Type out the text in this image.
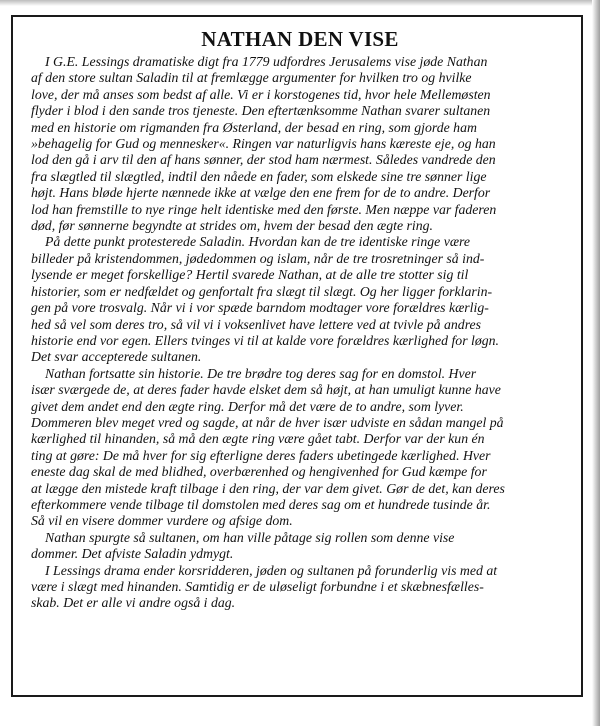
NATHAN DEN VISE

I G.E. Lessings dramatiske digt fra 1779 udfordres Jerusalems vise jøde Nathan
af den store sultan Saladin til at fremlægge argumenter for hvilken tro og hvilke
love, der må anses som bedst af alle. Vi er i korstogenes tid, hvor hele Mellemøsten
flyder i blod i den sande tros tjeneste. Den eftertænksomme Nathan svarer sultanen
med en historie om rigmanden fra Østerland, der besad en ring, som gjorde ham
»behagelig for Gud og mennesker«. Ringen var naturligvis hans kæreste eje, og han
lod den gå i arv til den af hans sønner, der stod ham nærmest. Således vandrede den
fra slægtled til slægtled, indtil den nåede en fader, som elskede sine tre sønner lige
højt. Hans bløde hjerte nænnede ikke at vælge den ene frem for de to andre. Derfor
lod han fremstille to nye ringe helt identiske med den første. Men næppe var faderen
død, før sønnerne begyndte at strides om, hvem der besad den ægte ring.

På dette punkt protesterede Saladin. Hvordan kan de tre identiske ringe være
billeder på kristendommen, jødedommen og islam, når de tre trosretninger så ind-
lysende er meget forskellige? Hertil svarede Nathan, at de alle tre stotter sig til
historier, som er nedfældet og genfortalt fra slægt til slægt. Og her ligger forklarin-
gen på vore trosvalg. Når vi i vor spæde barndom modtager vore forældres kærlig-
hed så vel som deres tro, så vil vi i voksenlivet have lettere ved at tvivle på andres
historie end vor egen. Ellers tvinges vi til at kalde vore forældres kærlighed for løgn.
Det svar accepterede sultanen.

Nathan fortsatte sin historie. De tre brødre tog deres sag for en domstol. Hver
især sværgede de, at deres fader havde elsket dem så højt, at han umuligt kunne have
givet dem andet end den ægte ring. Derfor må det være de to andre, som lyver.
Dommeren blev meget vred og sagde, at når de hver især udviste en sådan mangel på
kærlighed til hinanden, så må den ægte ring være gået tabt. Derfor var der kun én
ting at gøre: De må hver for sig efterligne deres faders ubetingede kærlighed. Hver
eneste dag skal de med blidhed, overbærenhed og hengivenhed for Gud kæmpe for
at lægge den mistede kraft tilbage i den ring, der var dem givet. Gør de det, kan deres
efterkommere vende tilbage til domstolen med deres sag om et hundrede tusinde år.
Så vil en visere dommer vurdere og afsige dom.

Nathan spurgte så sultanen, om han ville påtage sig rollen som denne vise
dommer. Det afviste Saladin ydmygt.

I Lessings drama ender korsridderen, jøden og sultanen på forunderlig vis med at
være i slægt med hinanden. Samtidig er de uløseligt forbundne i et skæbnesfælles-
skab. Det er alle vi andre også i dag.
